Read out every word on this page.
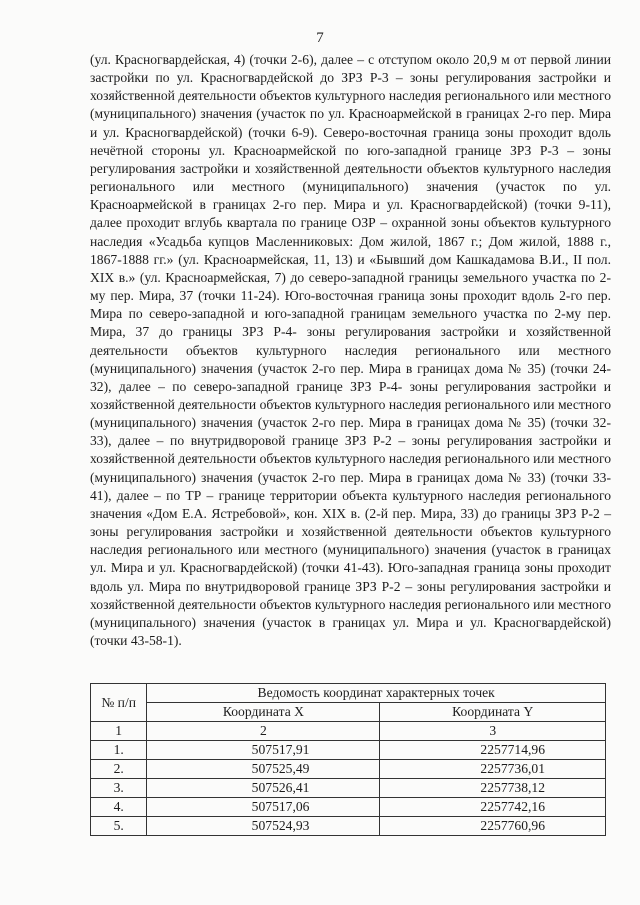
7
(ул. Красногвардейская, 4) (точки 2-6), далее – с отступом около 20,9 м от первой линии застройки по ул. Красногвардейской до ЗРЗ Р-3 – зоны регулирования застройки и хозяйственной деятельности объектов культурного наследия регионального или местного (муниципального) значения (участок по ул. Красноармейской в границах 2-го пер. Мира и ул. Красногвардейской) (точки 6-9). Северо-восточная граница зоны проходит вдоль нечётной стороны ул. Красноармейской по юго-западной границе ЗРЗ Р-3 – зоны регулирования застройки и хозяйственной деятельности объектов культурного наследия регионального или местного (муниципального) значения (участок по ул. Красноармейской в границах 2-го пер. Мира и ул. Красногвардейской) (точки 9-11), далее проходит вглубь квартала по границе ОЗР – охранной зоны объектов культурного наследия «Усадьба купцов Масленниковых: Дом жилой, 1867 г.; Дом жилой, 1888 г., 1867-1888 гг.» (ул. Красноармейская, 11, 13) и «Бывший дом Кашкадамова В.И., II пол. XIX в.» (ул. Красноармейская, 7) до северо-западной границы земельного участка по 2-му пер. Мира, 37 (точки 11-24). Юго-восточная граница зоны проходит вдоль 2-го пер. Мира по северо-западной и юго-западной границам земельного участка по 2-му пер. Мира, 37 до границы ЗРЗ Р-4- зоны регулирования застройки и хозяйственной деятельности объектов культурного наследия регионального или местного (муниципального) значения (участок 2-го пер. Мира в границах дома № 35) (точки 24-32), далее – по северо-западной границе ЗРЗ Р-4- зоны регулирования застройки и хозяйственной деятельности объектов культурного наследия регионального или местного (муниципального) значения (участок 2-го пер. Мира в границах дома № 35) (точки 32-33), далее – по внутридворовой границе ЗРЗ Р-2 – зоны регулирования застройки и хозяйственной деятельности объектов культурного наследия регионального или местного (муниципального) значения (участок 2-го пер. Мира в границах дома № 33) (точки 33-41), далее – по ТР – границе территории объекта культурного наследия регионального значения «Дом Е.А. Ястребовой», кон. XIX в. (2-й пер. Мира, 33) до границы ЗРЗ Р-2 – зоны регулирования застройки и хозяйственной деятельности объектов культурного наследия регионального или местного (муниципального) значения (участок в границах ул. Мира и ул. Красногвардейской) (точки 41-43). Юго-западная граница зоны проходит вдоль ул. Мира по внутридворовой границе ЗРЗ Р-2 – зоны регулирования застройки и хозяйственной деятельности объектов культурного наследия регионального или местного (муниципального) значения (участок в границах ул. Мира и ул. Красногвардейской) (точки 43-58-1).
№ п/п	Ведомость координат характерных точек	
	Координата X	Координата Y
1	2	3
1.	507517,91	2257714,96
2.	507525,49	2257736,01
3.	507526,41	2257738,12
4.	507517,06	2257742,16
5.	507524,93	2257760,96
